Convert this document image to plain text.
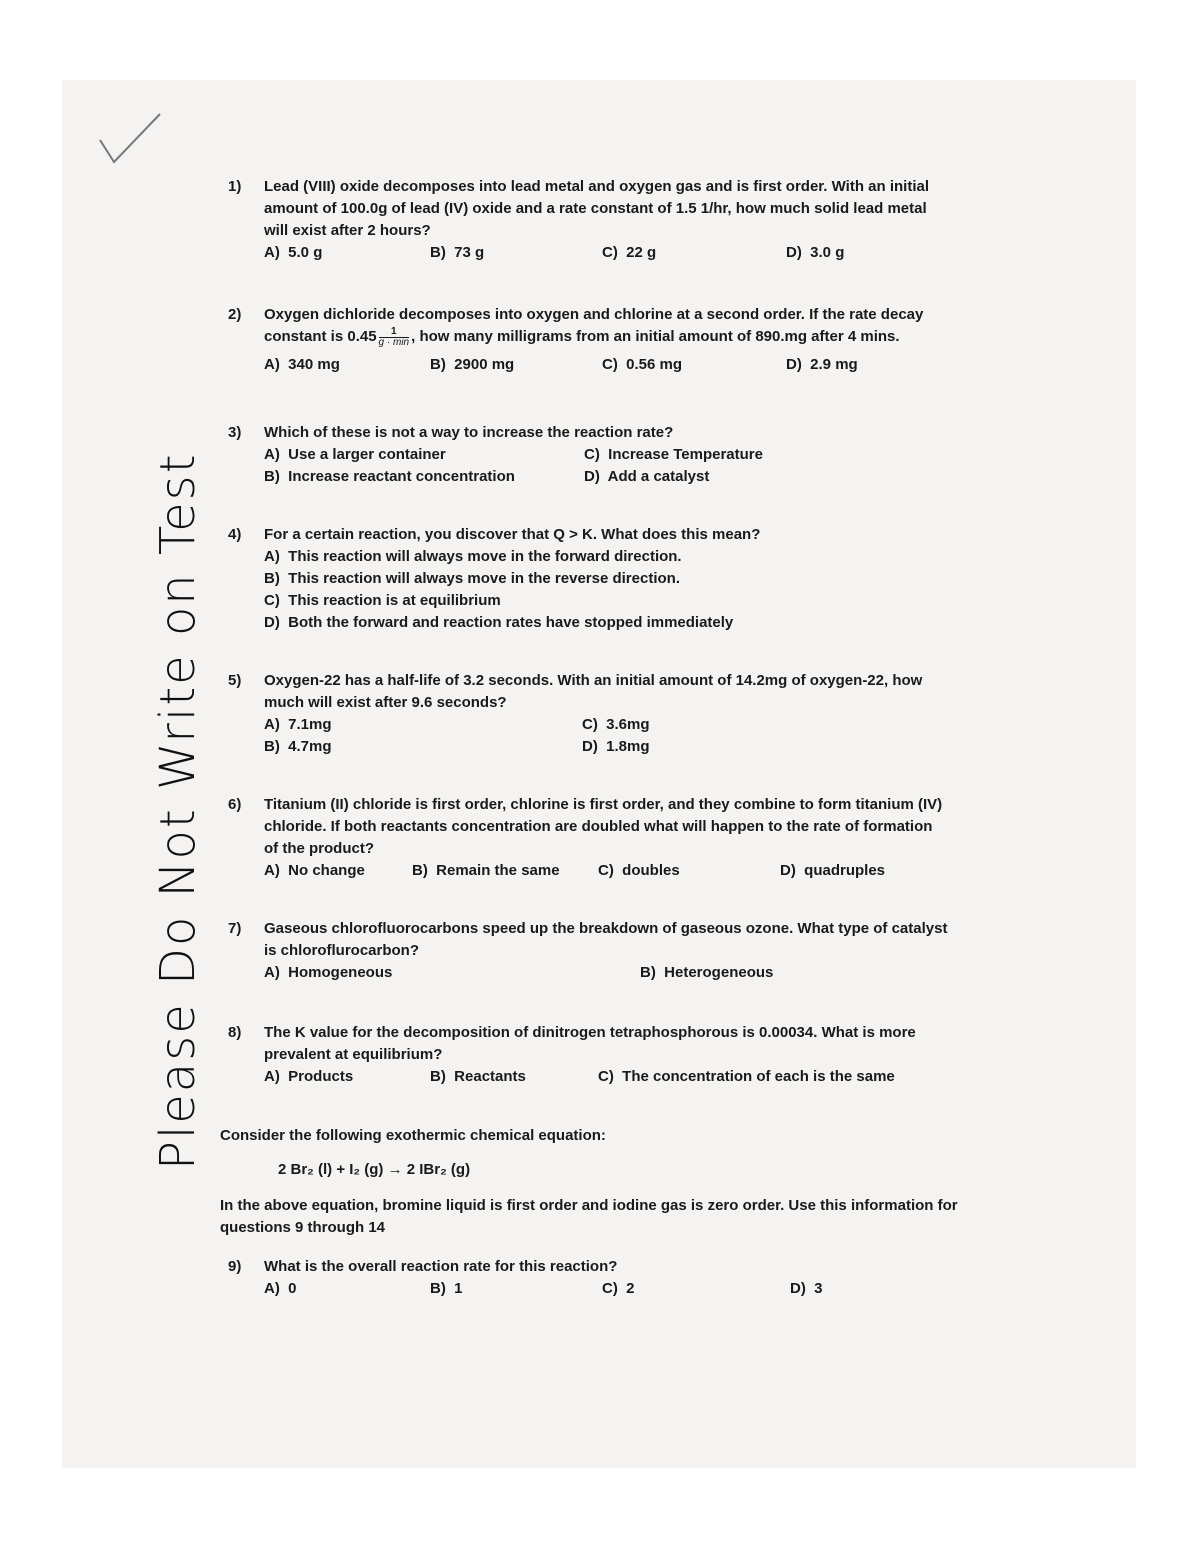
Please Do Not Write on Test
1) Lead (VIII) oxide decomposes into lead metal and oxygen gas and is first order. With an initial amount of 100.0g of lead (IV) oxide and a rate constant of 1.5 1/hr, how much solid lead metal will exist after 2 hours?
A) 5.0 g	B) 73 g	C) 22 g	D) 3.0 g
2) Oxygen dichloride decomposes into oxygen and chlorine at a second order. If the rate decay constant is $0.45 \frac{1}{g \cdot \min}$ , how many milligrams from an initial amount of 890.mg after 4 mins.
A) 340 mg	B) 2900 mg	C) 0.56 mg	D) 2.9 mg
3) Which of these is not a way to increase the reaction rate?
A) Use a larger container	C) Increase Temperature
B) Increase reactant concentration	D) Add a catalyst
4) For a certain reaction, you discover that Q > K. What does this mean?
A) This reaction will always move in the forward direction.
B) This reaction will always move in the reverse direction.
C) This reaction is at equilibrium
D) Both the forward and reaction rates have stopped immediately
5) Oxygen-22 has a half-life of 3.2 seconds. With an initial amount of 14.2mg of oxygen-22, how much will exist after 9.6 seconds?
A) 7.1mg	C) 3.6mg
B) 4.7mg	D) 1.8mg
6) Titanium (II) chloride is first order, chlorine is first order, and they combine to form titanium (IV) chloride. If both reactants concentration are doubled what will happen to the rate of formation of the product?
A) No change	B) Remain the same	C) doubles	D) quadruples
7) Gaseous chlorofluorocarbons speed up the breakdown of gaseous ozone. What type of catalyst is chloroflurocarbon?
A) Homogeneous	B) Heterogeneous
8) The K value for the decomposition of dinitrogen tetraphosphorous is 0.00034. What is more prevalent at equilibrium?
A) Products	B) Reactants	C) The concentration of each is the same
Consider the following exothermic chemical equation:
2 Br₂ (l) + I₂ (g) → 2 IBr₂ (g)
In the above equation, bromine liquid is first order and iodine gas is zero order. Use this information for questions 9 through 14
9) What is the overall reaction rate for this reaction?
A) 0	B) 1	C) 2	D) 3
